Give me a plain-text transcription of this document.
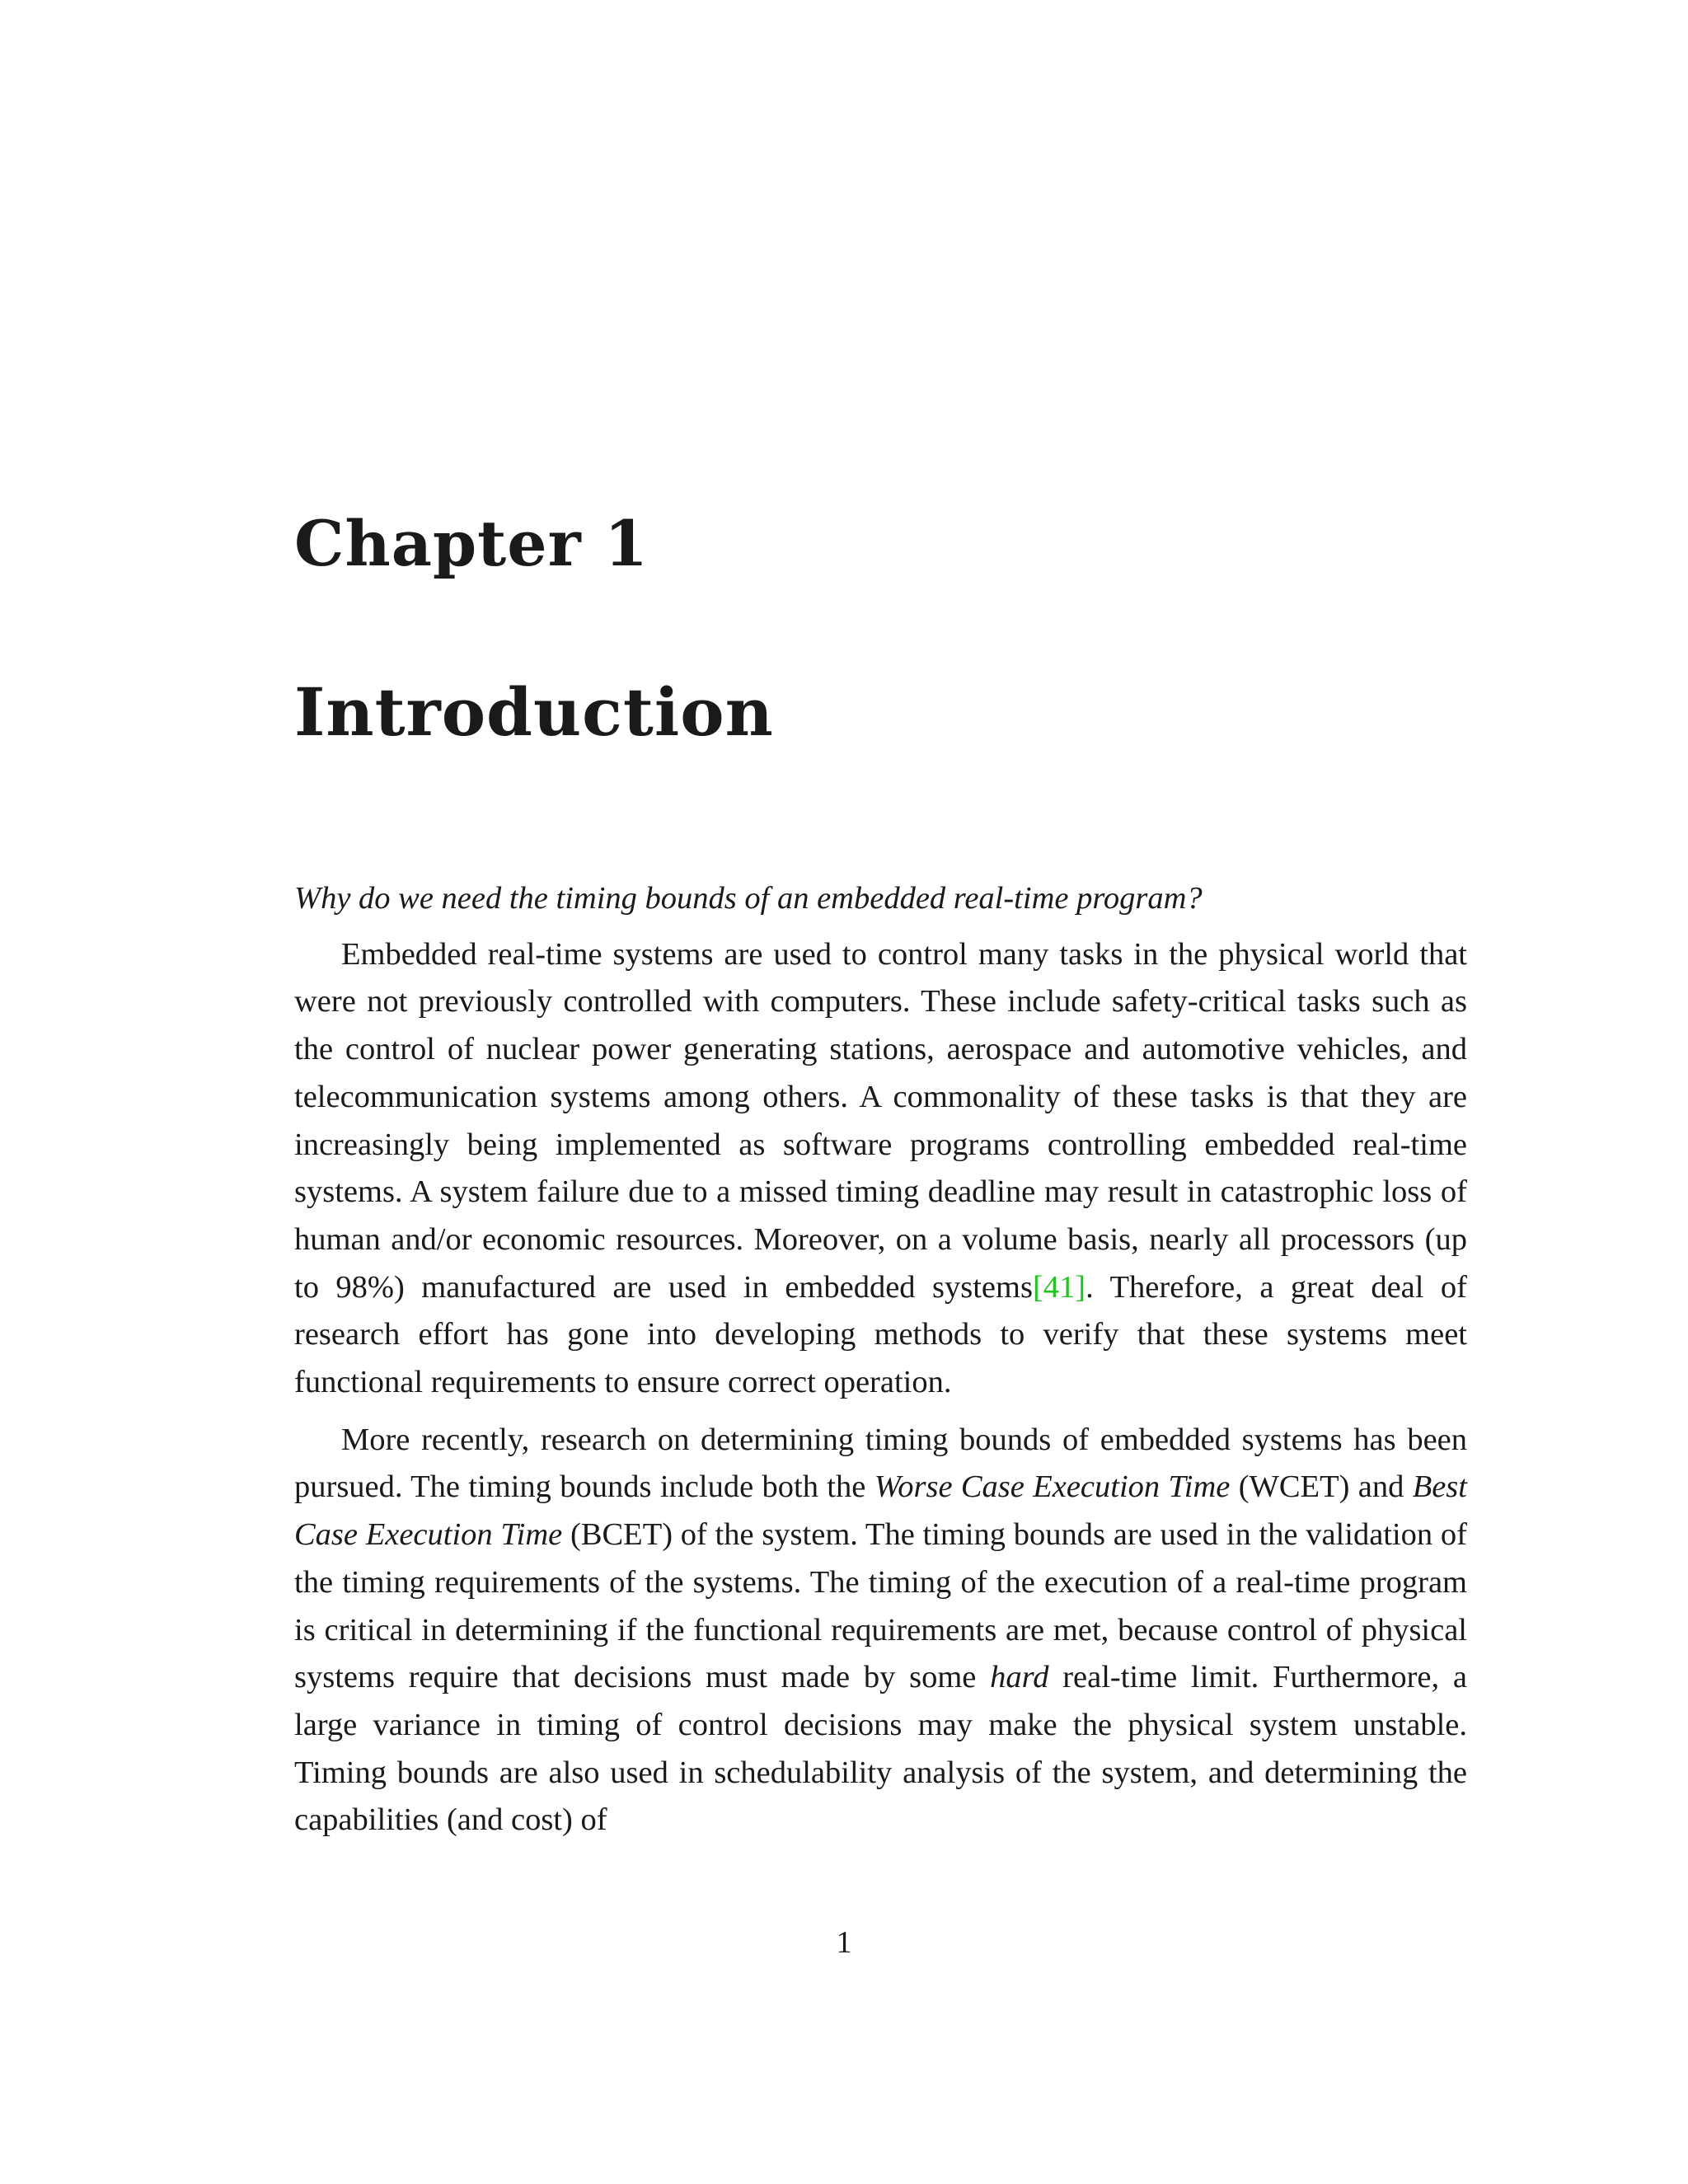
Chapter 1
Introduction

Why do we need the timing bounds of an embedded real-time program?

Embedded real-time systems are used to control many tasks in the physical world that were not previously controlled with computers. These include safety-critical tasks such as the control of nuclear power generating stations, aerospace and automotive vehicles, and telecommunication systems among others. A commonality of these tasks is that they are increasingly being implemented as software programs controlling embedded real-time systems. A system failure due to a missed timing deadline may result in catastrophic loss of human and/or economic resources. Moreover, on a volume basis, nearly all processors (up to 98%) manufactured are used in embedded systems[41]. Therefore, a great deal of research effort has gone into developing methods to verify that these systems meet functional requirements to ensure correct operation.

More recently, research on determining timing bounds of embedded systems has been pursued. The timing bounds include both the Worse Case Execution Time (WCET) and Best Case Execution Time (BCET) of the system. The timing bounds are used in the validation of the timing requirements of the systems. The timing of the execution of a real-time program is critical in determining if the functional requirements are met, because control of physical systems require that decisions must made by some hard real-time limit. Furthermore, a large variance in timing of control decisions may make the physical system unstable. Timing bounds are also used in schedulability analysis of the system, and determining the capabilities (and cost) of

1
